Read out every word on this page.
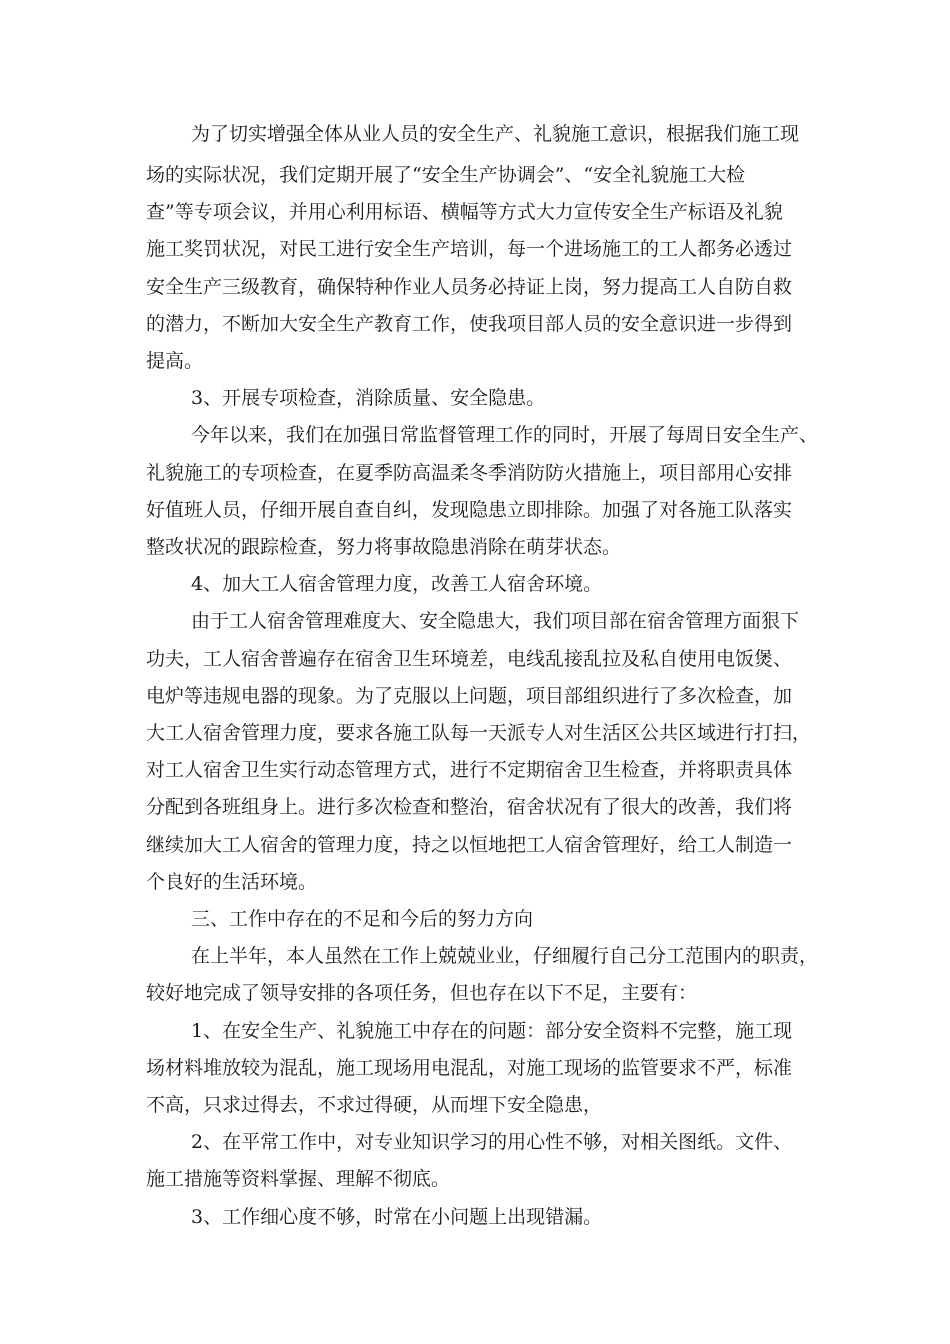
为了切实增强全体从业人员的安全生产、礼貌施工意识，根据我们施工现
场的实际状况，我们定期开展了“安全生产协调会”、“安全礼貌施工大检
查”等专项会议，并用心利用标语、横幅等方式大力宣传安全生产标语及礼貌
施工奖罚状况，对民工进行安全生产培训，每一个进场施工的工人都务必透过
安全生产三级教育，确保特种作业人员务必持证上岗，努力提高工人自防自救
的潜力，不断加大安全生产教育工作，使我项目部人员的安全意识进一步得到
提高。
3、开展专项检查，消除质量、安全隐患。
今年以来，我们在加强日常监督管理工作的同时，开展了每周日安全生产、
礼貌施工的专项检查，在夏季防高温柔冬季消防防火措施上，项目部用心安排
好值班人员，仔细开展自查自纠，发现隐患立即排除。加强了对各施工队落实
整改状况的跟踪检查，努力将事故隐患消除在萌芽状态。
4、加大工人宿舍管理力度，改善工人宿舍环境。
由于工人宿舍管理难度大、安全隐患大，我们项目部在宿舍管理方面狠下
功夫，工人宿舍普遍存在宿舍卫生环境差，电线乱接乱拉及私自使用电饭煲、
电炉等违规电器的现象。为了克服以上问题，项目部组织进行了多次检查，加
大工人宿舍管理力度，要求各施工队每一天派专人对生活区公共区域进行打扫，
对工人宿舍卫生实行动态管理方式，进行不定期宿舍卫生检查，并将职责具体
分配到各班组身上。进行多次检查和整治，宿舍状况有了很大的改善，我们将
继续加大工人宿舍的管理力度，持之以恒地把工人宿舍管理好，给工人制造一
个良好的生活环境。
三、工作中存在的不足和今后的努力方向
在上半年，本人虽然在工作上兢兢业业，仔细履行自己分工范围内的职责，
较好地完成了领导安排的各项任务，但也存在以下不足，主要有：
1、在安全生产、礼貌施工中存在的问题：部分安全资料不完整，施工现
场材料堆放较为混乱，施工现场用电混乱，对施工现场的监管要求不严，标准
不高，只求过得去，不求过得硬，从而埋下安全隐患，
2、在平常工作中，对专业知识学习的用心性不够，对相关图纸。文件、
施工措施等资料掌握、理解不彻底。
3、工作细心度不够，时常在小问题上出现错漏。
